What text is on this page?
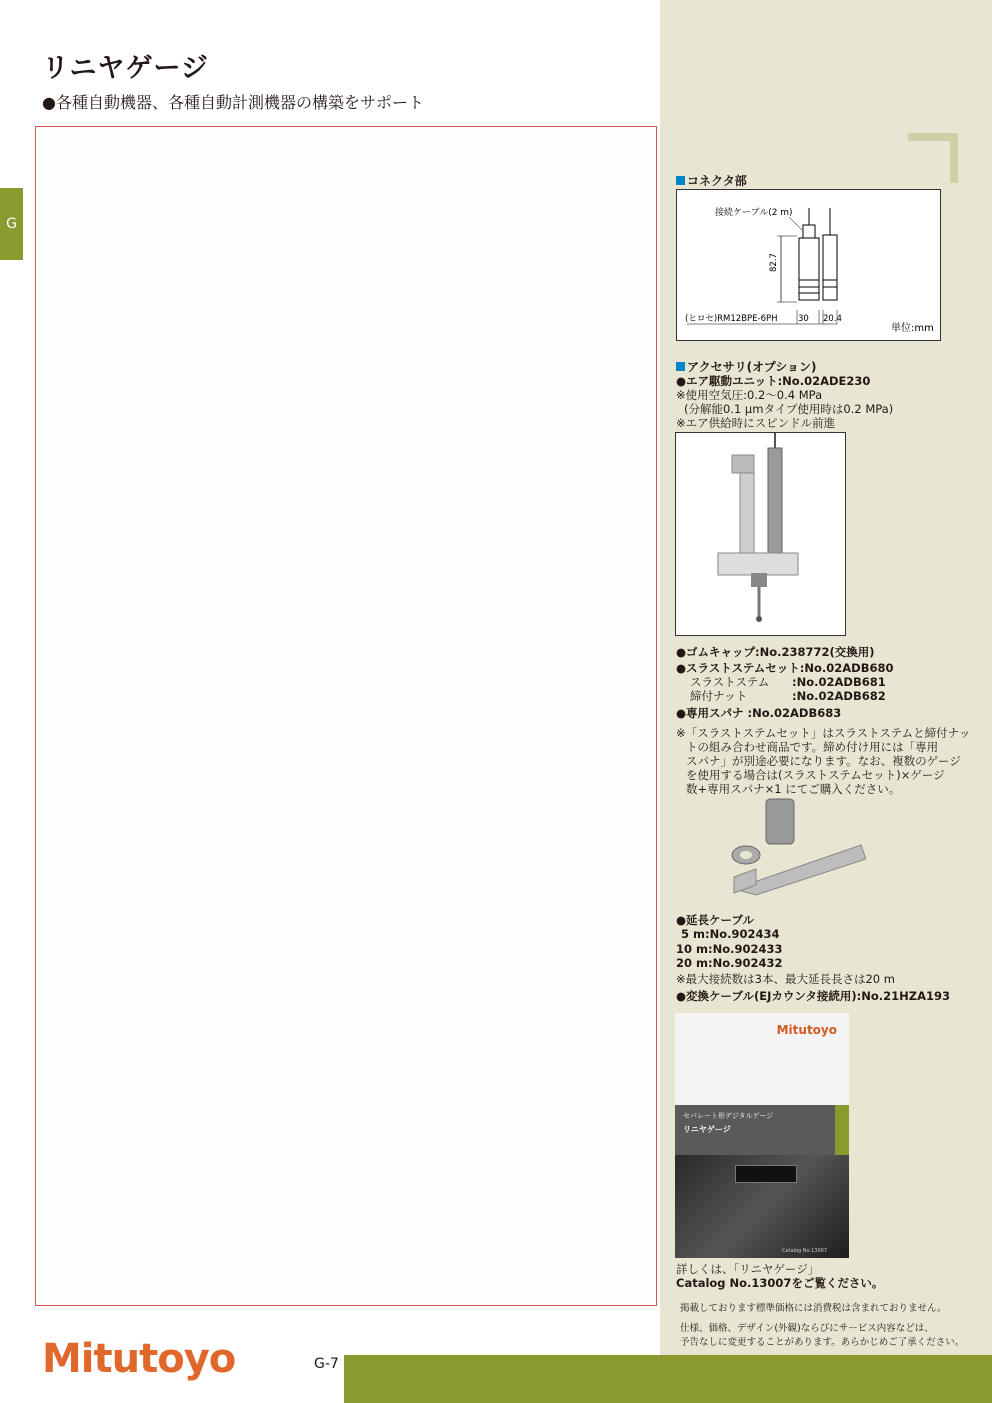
リニヤゲージ

●各種自動機器、各種自動計測機器の構築をサポート

G
コネクタ部
接続ケーブル(2 m)
(ヒロセ)RM12BPE-6PH
82.7
30 20.4
単位:mm
アクセサリ(オプション)
●エア駆動ユニット:No.02ADE230
※使用空気圧:0.2〜0.4 MPa
(分解能0.1 μmタイプ使用時は0.2 MPa)
※エア供給時にスピンドル前進
●ゴムキャップ:No.238772(交換用)
●スラストステムセット:No.02ADB680
スラストステム :No.02ADB681
締付ナット	:No.02ADB682
●専用スパナ :No.02ADB683
※「スラストステムセット」はスラストステムと締付ナッ
トの組み合わせ商品です。締め付け用には「専用
スパナ」が別途必要になります。なお、複数のゲージ
を使用する場合は(スラストステムセット)×ゲージ
数+専用スパナ×1 にてご購入ください。
●延長ケーブル
5 m:No.902434
10 m:No.902433
20 m:No.902432
※最大接続数は3本、最大延長長さは20 m
●変換ケーブル(EJカウンタ接続用):No.21HZA193
Mitutoyo
セパレート形デジタルゲージ
リニヤゲージ
Catalog No.13007
詳しくは、「リニヤゲージ」
Catalog No.13007をご覧ください。
掲載しております標準価格には消費税は含まれておりません。
仕様、価格、デザイン(外観)ならびにサービス内容などは、
予告なしに変更することがあります。あらかじめご了承ください。
Mitutoyo	G-7
